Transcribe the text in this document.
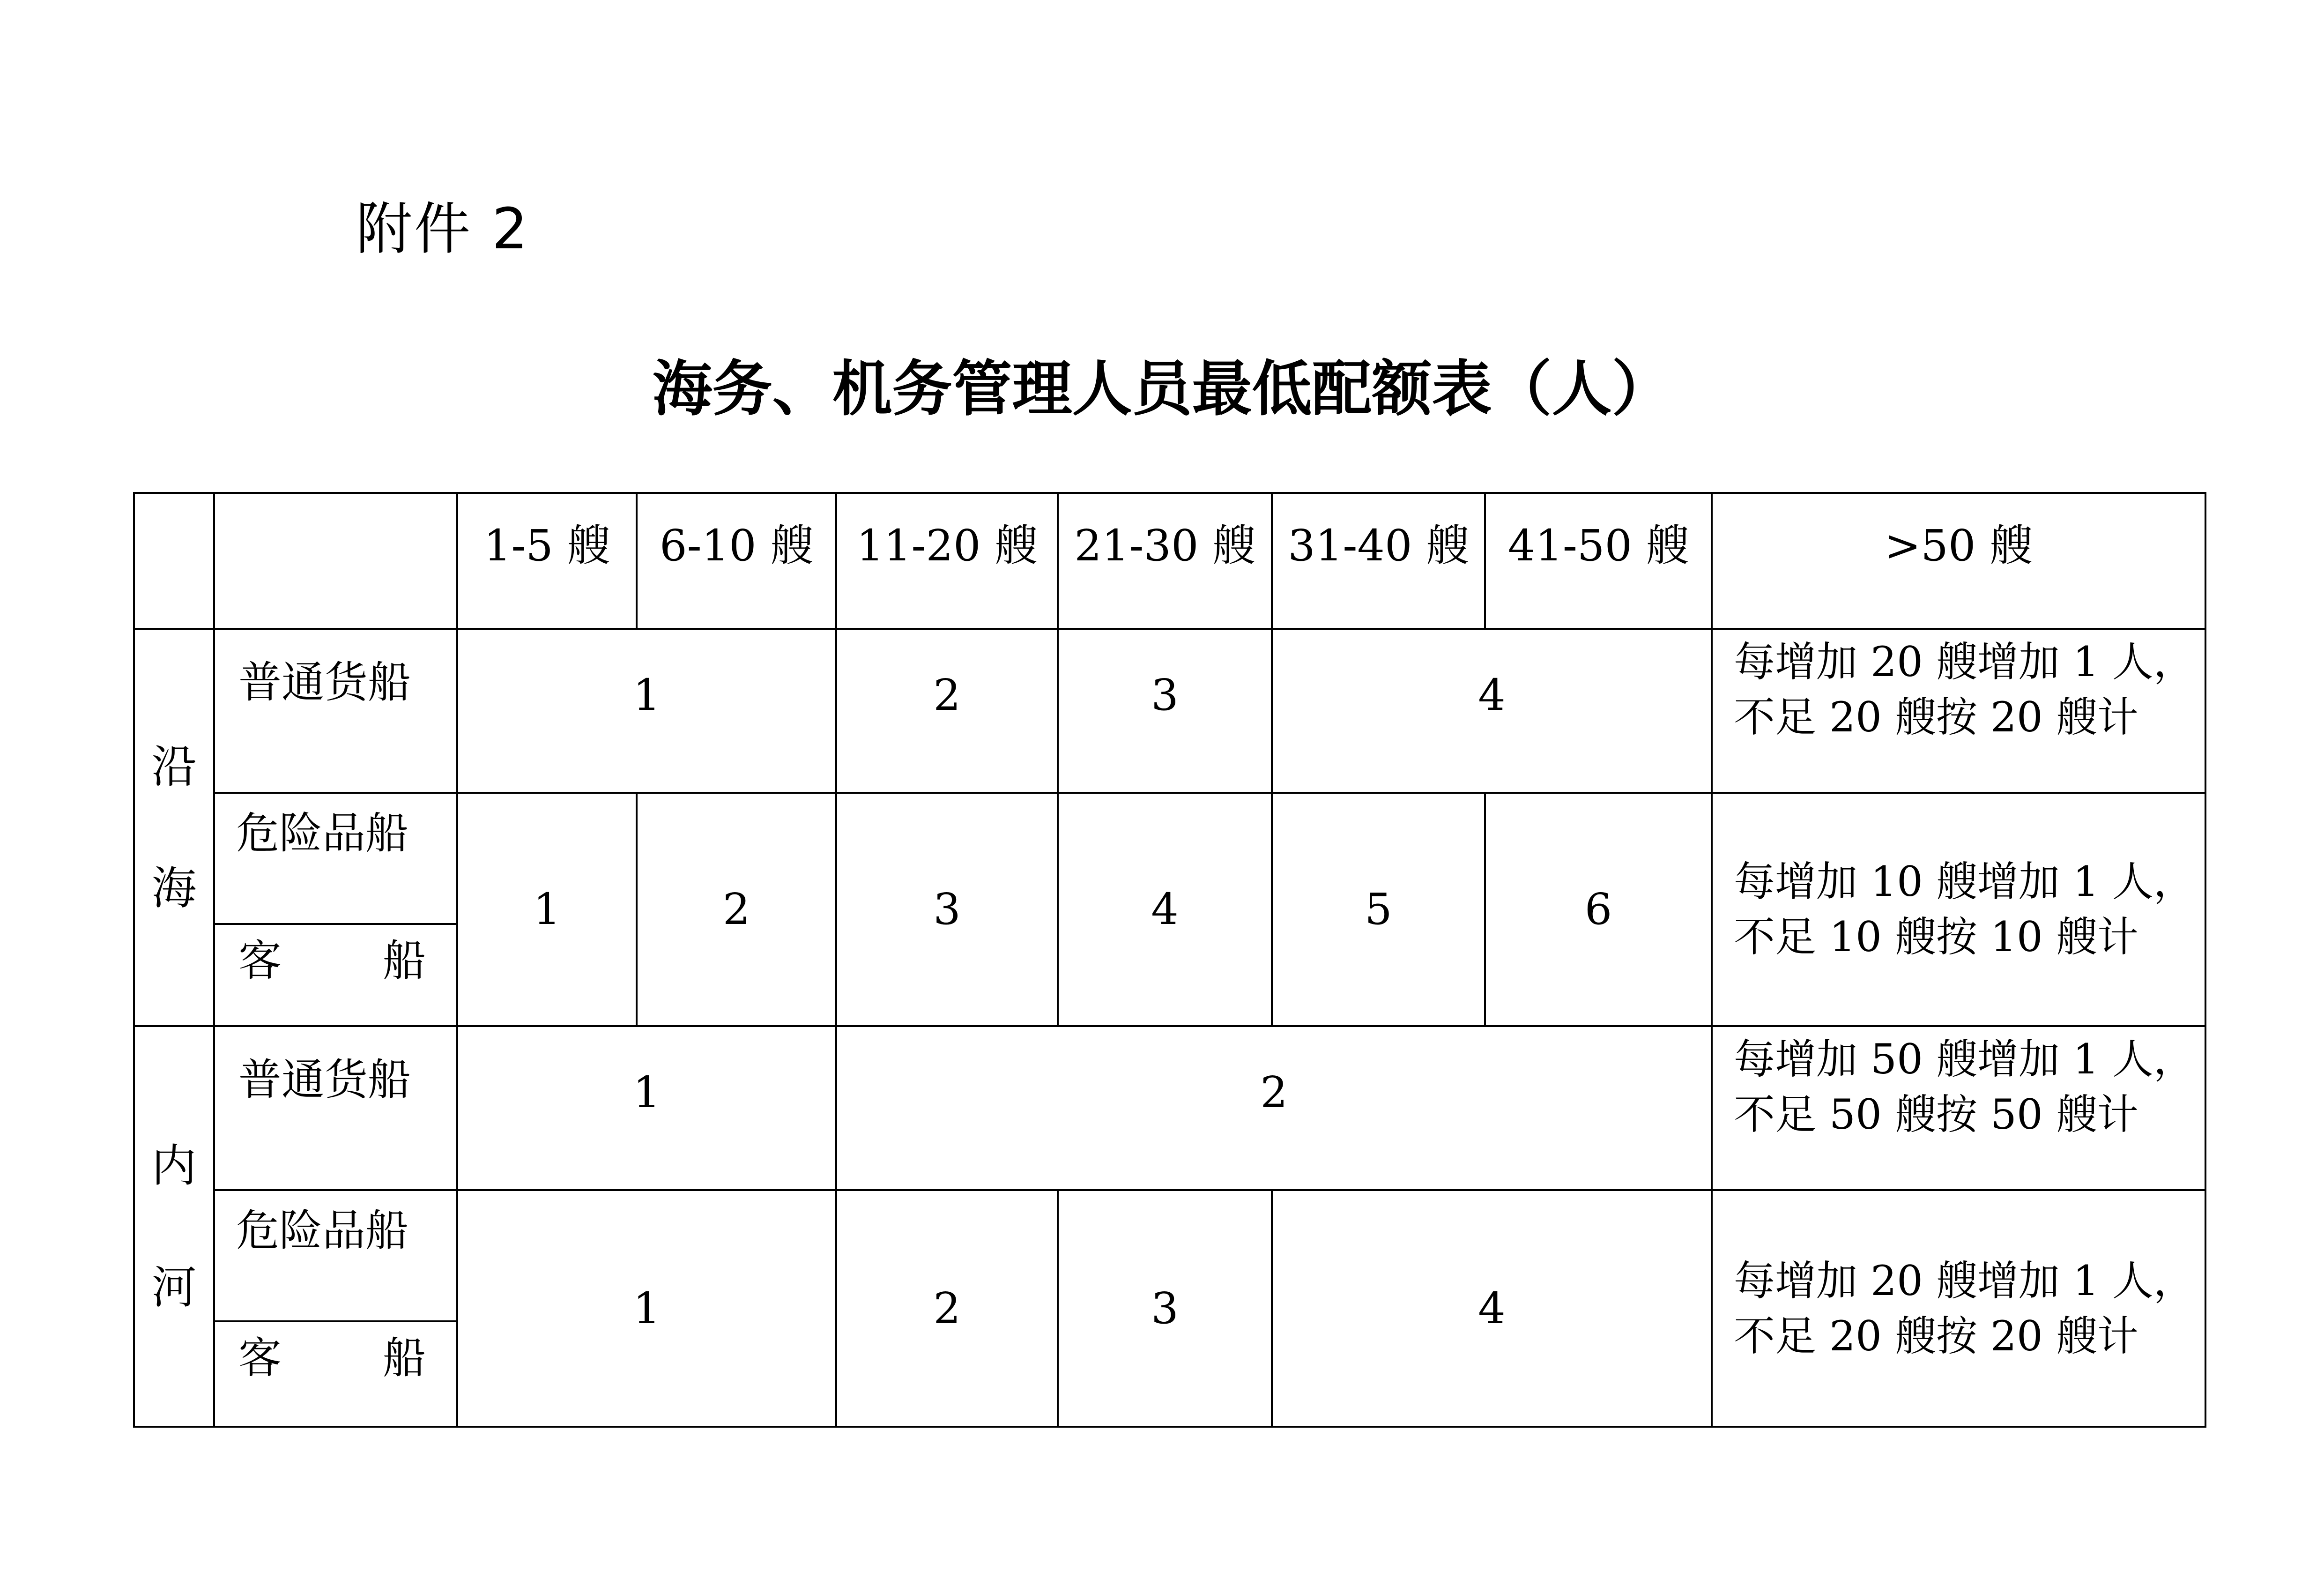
附件 2
海务、机务管理人员最低配额表（人）
		1-5 艘	6-10 艘	11-20 艘	21-30 艘	31-40 艘	41-50 艘	>50 艘
沿海	普通货船	1		2	3	4		每增加 20 艘增加 1 人，
不足 20 艘按 20 艘计

	危险品船	1	2	3	4	5	6	每增加 10 艘增加 1 人，
不足 10 艘按 10 艘计

	客船							
内河	普通货船	1		2				每增加 50 艘增加 1 人，
不足 50 艘按 50 艘计

	危险品船	1		2	3	4		每增加 20 艘增加 1 人，
不足 20 艘按 20 艘计

	客船							
